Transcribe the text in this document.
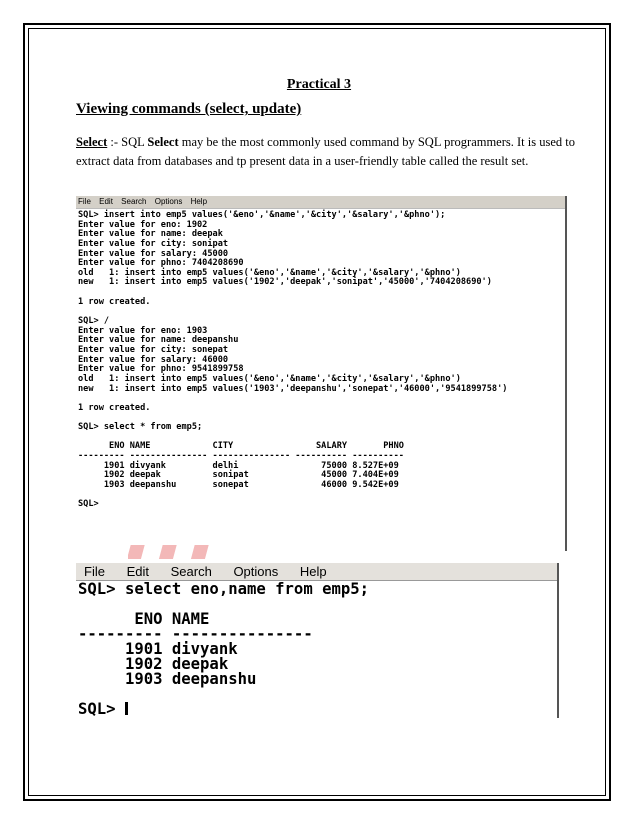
Practical 3
Viewing commands (select, update)
Select :- SQL Select may be the most commonly used command by SQL programmers. It is used to extract data from databases and tp present data in a user-friendly table called the result set.
File Edit Search Options Help
SQL> insert into emp5 values('&eno','&name','&city','&salary','&phno');
Enter value for eno: 1902
Enter value for name: deepak
Enter value for city: sonipat
Enter value for salary: 45000
Enter value for phno: 7404208690
old   1: insert into emp5 values('&eno','&name','&city','&salary','&phno')
new   1: insert into emp5 values('1902','deepak','sonipat','45000','7404208690')
1 row created.
SQL> /
Enter value for eno: 1903
Enter value for name: deepanshu
Enter value for city: sonepat
Enter value for salary: 46000
Enter value for phno: 9541899758
old   1: insert into emp5 values('&eno','&name','&city','&salary','&phno')
new   1: insert into emp5 values('1903','deepanshu','sonepat','46000','9541899758')
1 row created.
SQL> select * from emp5;
ENO NAME            CITY                SALARY       PHNO
--------- --------------- --------------- ---------- ----------
1901 divyank         delhi                75000 8.527E+09
1902 deepak          sonipat              45000 7.404E+09
1903 deepanshu       sonepat              46000 9.542E+09
SQL>
File Edit Search Options Help
SQL> select eno,name from emp5;
ENO NAME
--------- ---------------
1901 divyank
1902 deepak
1903 deepanshu
SQL>
